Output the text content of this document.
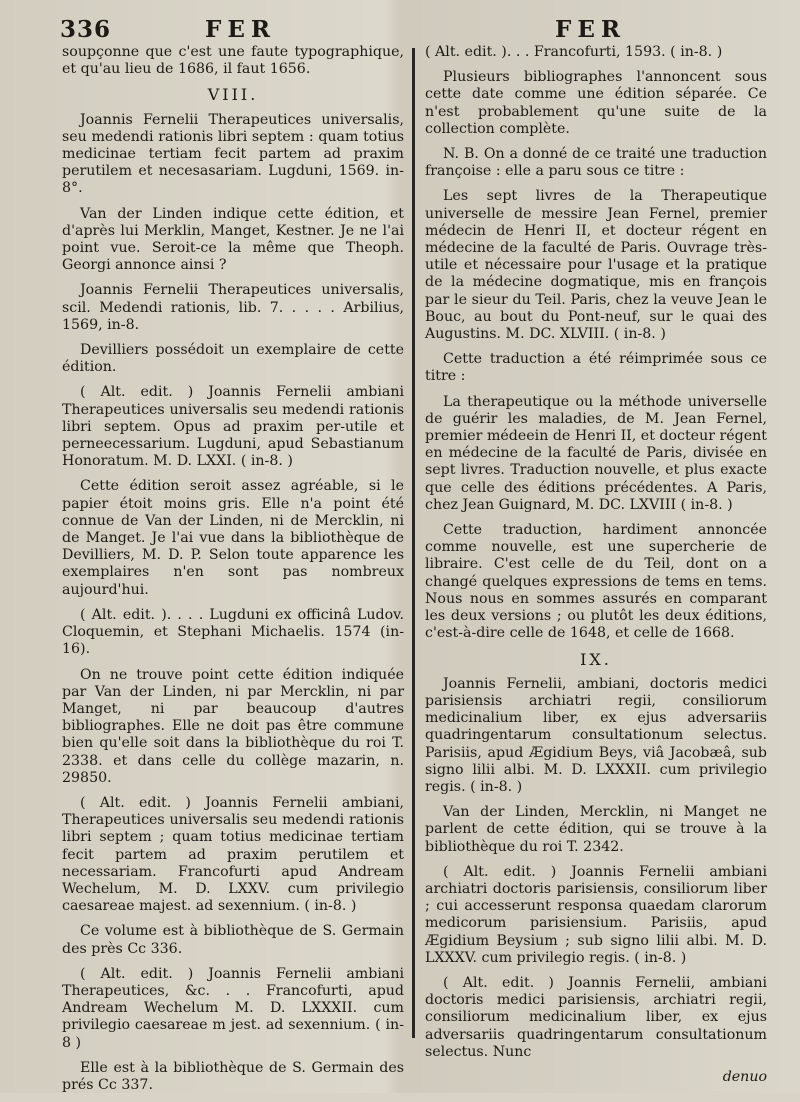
336	FER	FER

soupçonne que c'est une faute typographique, et qu'au lieu de 1686, il faut 1656.

VIII.

Joannis Fernelii Therapeutices universalis, seu medendi rationis libri septem : quam totius medicinae tertiam fecit partem ad praxim perutilem et necesasariam. Lugduni, 1569. in-8°.

Van der Linden indique cette édition, et d'après lui Merklin, Manget, Kestner. Je ne l'ai point vue. Seroit-ce la même que Theoph. Georgi annonce ainsi ?

Joannis Fernelii Therapeutices universalis, scil. Medendi rationis, lib. 7. . . . . Arbilius, 1569, in-8.

Devilliers possédoit un exemplaire de cette édition.

( Alt. edit. ) Joannis Fernelii ambiani Therapeutices universalis seu medendi rationis libri septem. Opus ad praxim per-utile et perneecessarium. Lugduni, apud Sebastianum Honoratum. M. D. LXXI. ( in-8. )

Cette édition seroit assez agréable, si le papier étoit moins gris. Elle n'a point été connue de Van der Linden, ni de Mercklin, ni de Manget. Je l'ai vue dans la bibliothèque de Devilliers, M. D. P. Selon toute apparence les exemplaires n'en sont pas nombreux aujourd'hui.

( Alt. edit. ). . . . Lugduni ex officinâ Ludov. Cloquemin, et Stephani Michaelis. 1574 (in-16).

On ne trouve point cette édition indiquée par Van der Linden, ni par Mercklin, ni par Manget, ni par beaucoup d'autres bibliographes. Elle ne doit pas être commune bien qu'elle soit dans la bibliothèque du roi T. 2338. et dans celle du collège mazarin, n. 29850.

( Alt. edit. ) Joannis Fernelii ambiani, Therapeutices universalis seu medendi rationis libri septem ; quam totius medicinae tertiam fecit partem ad praxim perutilem et necessariam. Francofurti apud Andream Wechelum, M. D. LXXV. cum privilegio caesareae majest. ad sexennium. ( in-8. )

Ce volume est à bibliothèque de S. Germain des près Cc 336.

( Alt. edit. ) Joannis Fernelii ambiani Therapeutices, &c. . . Francofurti, apud Andream Wechelum M. D. LXXXII. cum privilegio caesareae m jest. ad sexennium. ( in-8 )

Elle est à la bibliothèque de S. Germain des prés Cc 337.

( Alt. edit. ). . . Francofurti, 1593. ( in-8. )

Plusieurs bibliographes l'annoncent sous cette date comme une édition séparée. Ce n'est probablement qu'une suite de la collection complète.

N. B. On a donné de ce traité une traduction françoise : elle a paru sous ce titre :

Les sept livres de la Therapeutique universelle de messire Jean Fernel, premier médecin de Henri II, et docteur régent en médecine de la faculté de Paris. Ouvrage très-utile et nécessaire pour l'usage et la pratique de la médecine dogmatique, mis en françois par le sieur du Teil. Paris, chez la veuve Jean le Bouc, au bout du Pont-neuf, sur le quai des Augustins. M. DC. XLVIII. ( in-8. )

Cette traduction a été réimprimée sous ce titre :

La therapeutique ou la méthode universelle de guérir les maladies, de M. Jean Fernel, premier médeein de Henri II, et docteur régent en médecine de la faculté de Paris, divisée en sept livres. Traduction nouvelle, et plus exacte que celle des éditions précédentes. A Paris, chez Jean Guignard, M. DC. LXVIII ( in-8. )

Cette traduction, hardiment annoncée comme nouvelle, est une supercherie de libraire. C'est celle de du Teil, dont on a changé quelques expressions de tems en tems. Nous nous en sommes assurés en comparant les deux versions ; ou plutôt les deux éditions, c'est-à-dire celle de 1648, et celle de 1668.

IX.

Joannis Fernelii, ambiani, doctoris medici parisiensis archiatri regii, consiliorum medicinalium liber, ex ejus adversariis quadringentarum consultationum selectus. Parisiis, apud Ægidium Beys, viâ Jacobæâ, sub signo lilii albi. M. D. LXXXII. cum privilegio regis. ( in-8. )

Van der Linden, Mercklin, ni Manget ne parlent de cette édition, qui se trouve à la bibliothèque du roi T. 2342.

( Alt. edit. ) Joannis Fernelii ambiani archiatri doctoris parisiensis, consiliorum liber ; cui accesserunt responsa quaedam clarorum medicorum parisiensium. Parisiis, apud Ægidium Beysium ; sub signo lilii albi. M. D. LXXXV. cum privilegio regis. ( in-8. )

( Alt. edit. ) Joannis Fernelii, ambiani doctoris medici parisiensis, archiatri regii, consiliorum medicinalium liber, ex ejus adversariis quadringentarum consultationum selectus. Nunc

denuo
